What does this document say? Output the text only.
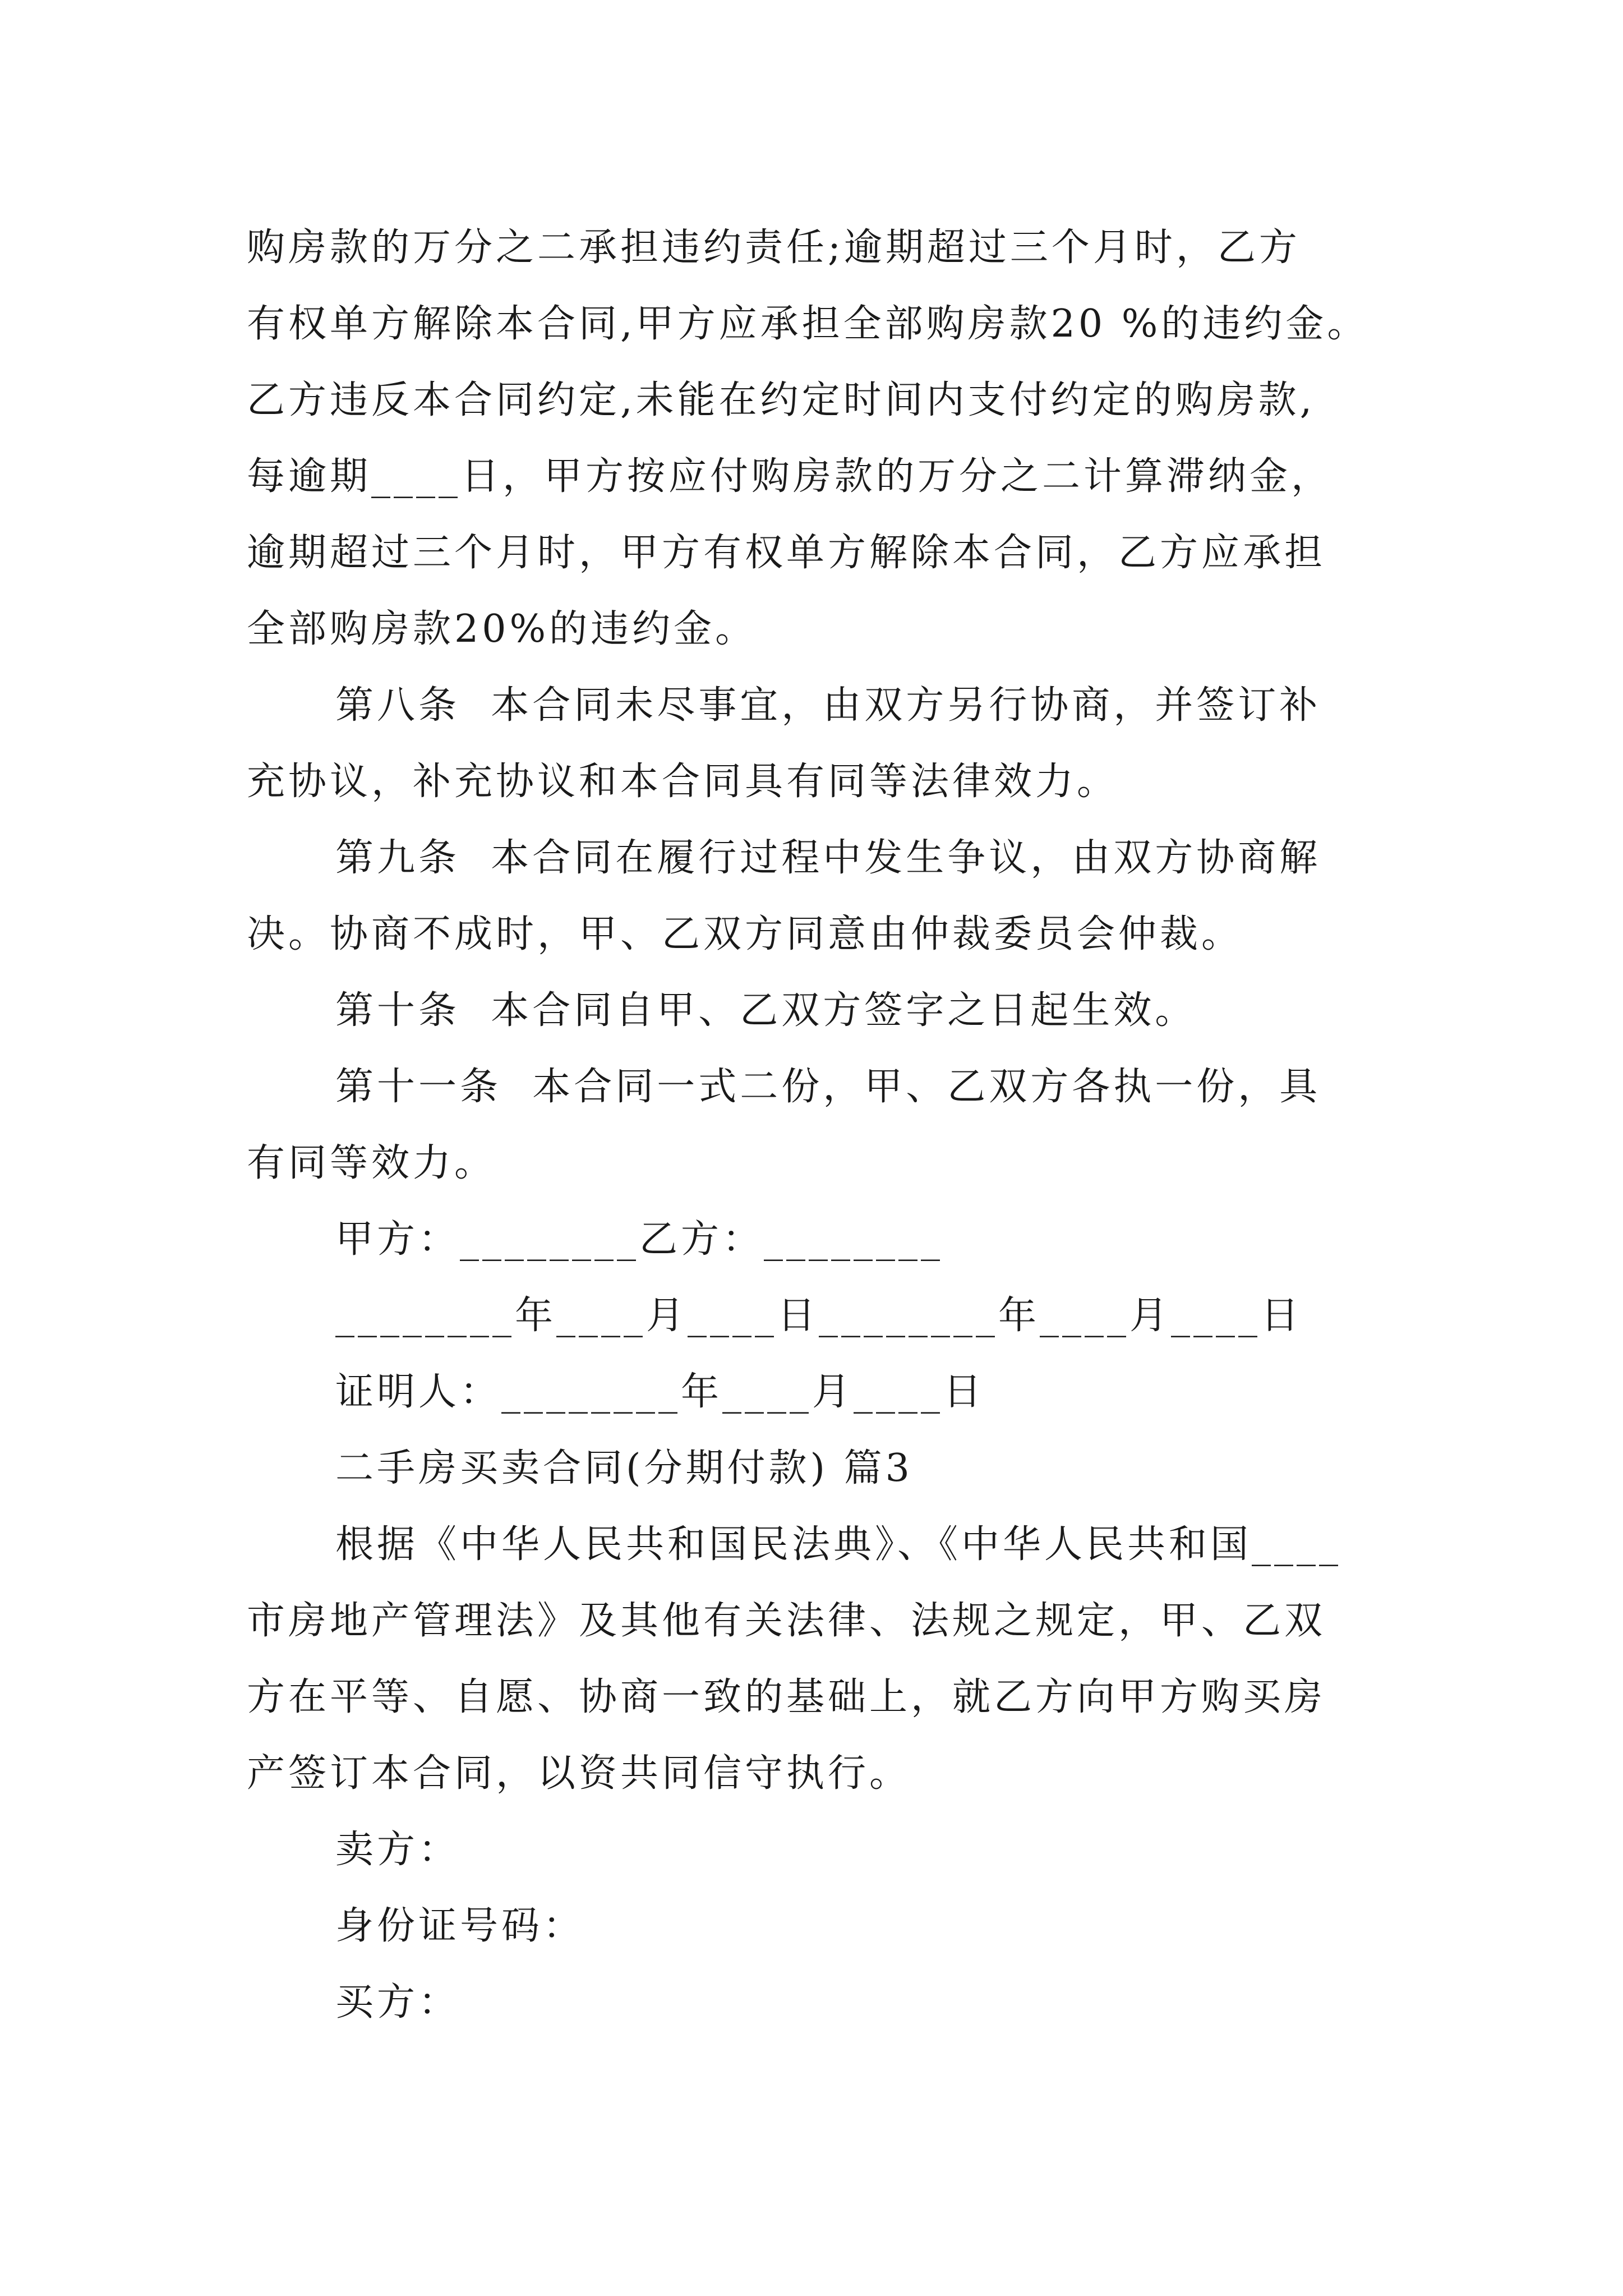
购房款的万分之二承担违约责任;逾期超过三个月时，乙方
有权单方解除本合同,甲方应承担全部购房款20 %的违约金。
乙方违反本合同约定,未能在约定时间内支付约定的购房款,
每逾期____日，甲方按应付购房款的万分之二计算滞纳金，
逾期超过三个月时，甲方有权单方解除本合同，乙方应承担
全部购房款20%的违约金。
第八条  本合同未尽事宜，由双方另行协商，并签订补
充协议，补充协议和本合同具有同等法律效力。
第九条  本合同在履行过程中发生争议，由双方协商解
决。协商不成时，甲、乙双方同意由仲裁委员会仲裁。
第十条  本合同自甲、乙双方签字之日起生效。
第十一条  本合同一式二份，甲、乙双方各执一份，具
有同等效力。
甲方：________乙方：________
________年____月____日________年____月____日
证明人：________年____月____日
二手房买卖合同(分期付款) 篇3
根据《中华人民共和国民法典》、《中华人民共和国____
市房地产管理法》及其他有关法律、法规之规定，甲、乙双
方在平等、自愿、协商一致的基础上，就乙方向甲方购买房
产签订本合同，以资共同信守执行。
卖方：
身份证号码：
买方：
